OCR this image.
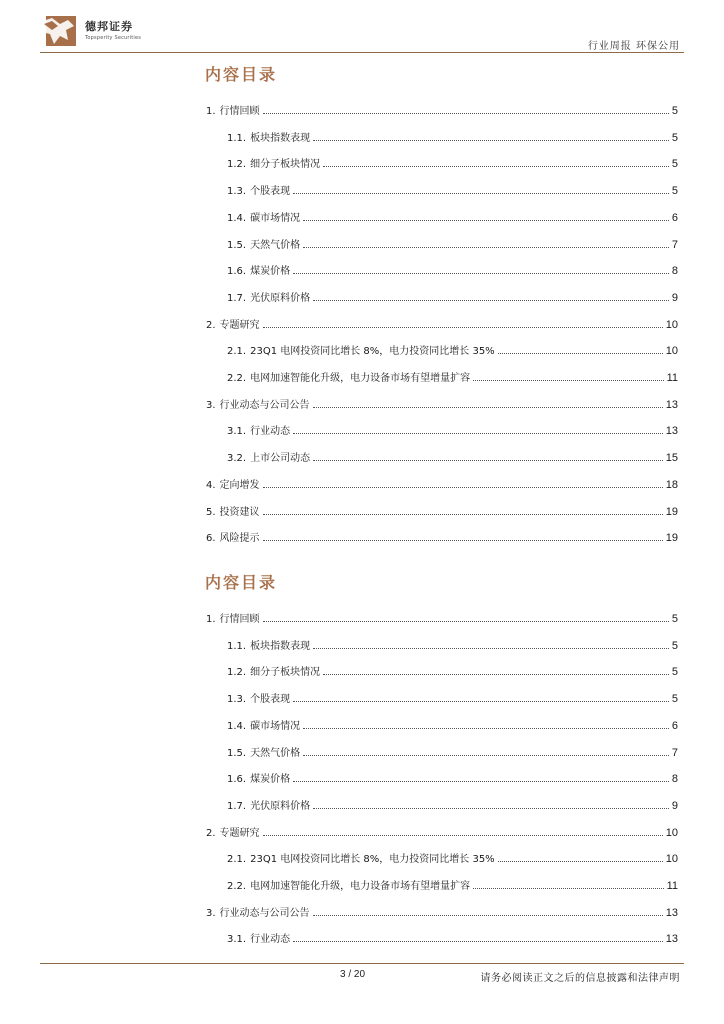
德邦证券
Topsperity Securities
行业周报 环保公用
内容目录
1. 行情回顾	5
1.1. 板块指数表现	5
1.2. 细分子板块情况	5
1.3. 个股表现	5
1.4. 碳市场情况	6
1.5. 天然气价格	7
1.6. 煤炭价格	8
1.7. 光伏原料价格	9
2. 专题研究	10
2.1. 23Q1 电网投资同比增长 8%，电力投资同比增长 35%	10
2.2. 电网加速智能化升级，电力设备市场有望增量扩容	11
3. 行业动态与公司公告	13
3.1. 行业动态	13
3.2. 上市公司动态	15
4. 定向增发	18
5. 投资建议	19
6. 风险提示	19
内容目录
1. 行情回顾	5
1.1. 板块指数表现	5
1.2. 细分子板块情况	5
1.3. 个股表现	5
1.4. 碳市场情况	6
1.5. 天然气价格	7
1.6. 煤炭价格	8
1.7. 光伏原料价格	9
2. 专题研究	10
2.1. 23Q1 电网投资同比增长 8%，电力投资同比增长 35%	10
2.2. 电网加速智能化升级，电力设备市场有望增量扩容	11
3. 行业动态与公司公告	13
3.1. 行业动态	13
3 / 20	请务必阅读正文之后的信息披露和法律声明
